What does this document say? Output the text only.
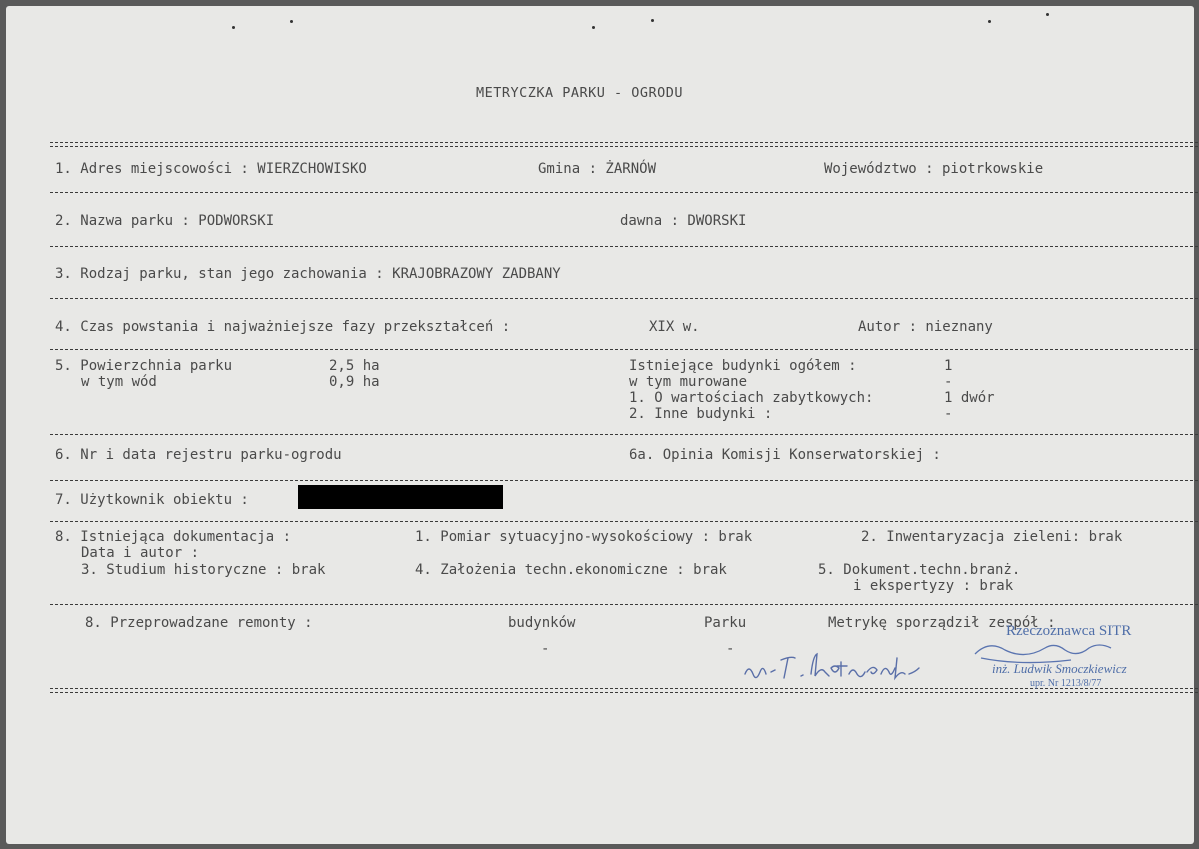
METRYCZKA PARKU - OGRODU
1. Adres miejscowości : WIERZCHOWISKO	Gmina : ŻARNÓW	Województwo : piotrkowskie
2. Nazwa parku : PODWORSKI	dawna : DWORSKI
3. Rodzaj parku, stan jego zachowania : KRAJOBRAZOWY ZADBANY
4. Czas powstania i najważniejsze fazy przekształceń :	XIX w.	Autor : nieznany
5. Powierzchnia parku	2,5 ha
w tym wód	0,9 ha
Istniejące budynki ogółem :	1
w tym murowane	-
1. O wartościach zabytkowych:	1 dwór
2. Inne budynki :	-
6. Nr i data rejestru parku-ogrodu	6a. Opinia Komisji Konserwatorskiej :
7. Użytkownik obiektu :
8. Istniejąca dokumentacja :	1. Pomiar sytuacyjno-wysokościowy : brak	2. Inwentaryzacja zieleni: brak
Data i autor :
3. Studium historyczne : brak	4. Założenia techn.ekonomiczne : brak	5. Dokument.techn.branż.
i ekspertyzy : brak
8. Przeprowadzane remonty :	budynków	Parku
-	-
Metrykę sporządził zespół :
Rzeczoznawca SITR
inż. Ludwik Smoczkiewicz
upr. Nr 1213/8/77
